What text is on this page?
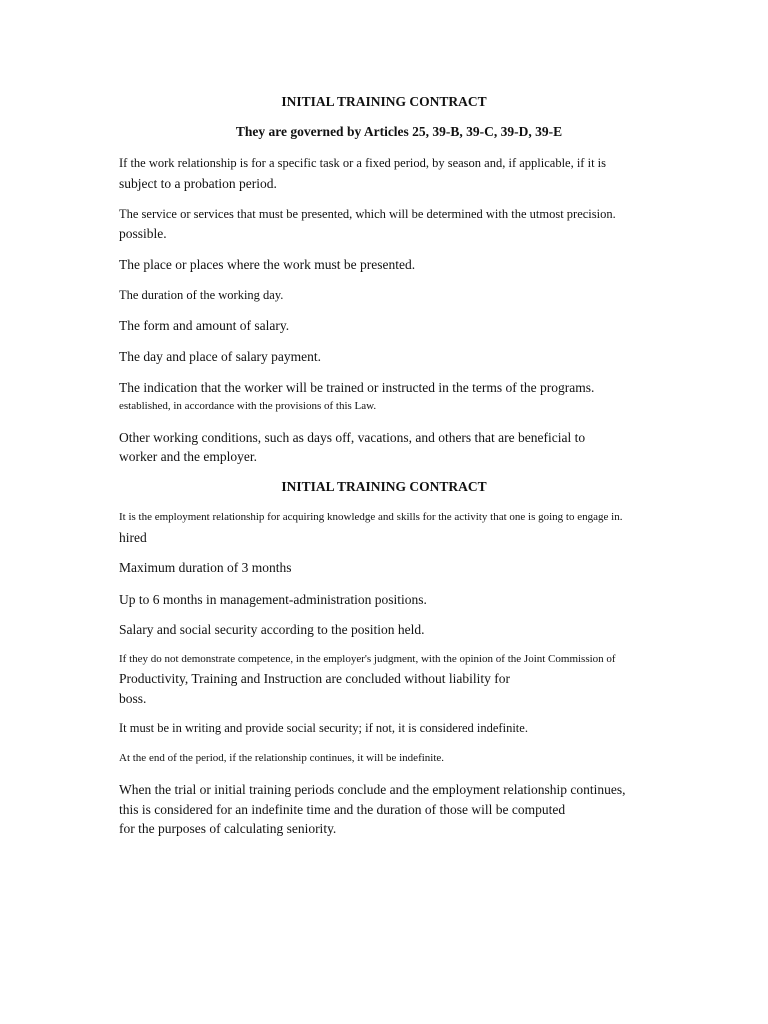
INITIAL TRAINING CONTRACT
They are governed by Articles 25, 39-B, 39-C, 39-D, 39-E
If the work relationship is for a specific task or a fixed period, by season and, if applicable, if it is
subject to a probation period.
The service or services that must be presented, which will be determined with the utmost precision.
possible.
The place or places where the work must be presented.
The duration of the working day.
The form and amount of salary.
The day and place of salary payment.
The indication that the worker will be trained or instructed in the terms of the programs.
established, in accordance with the provisions of this Law.
Other working conditions, such as days off, vacations, and others that are beneficial to
worker and the employer.
INITIAL TRAINING CONTRACT
It is the employment relationship for acquiring knowledge and skills for the activity that one is going to engage in.
hired
Maximum duration of 3 months
Up to 6 months in management-administration positions.
Salary and social security according to the position held.
If they do not demonstrate competence, in the employer's judgment, with the opinion of the Joint Commission of
Productivity, Training and Instruction are concluded without liability for
boss.
It must be in writing and provide social security; if not, it is considered indefinite.
At the end of the period, if the relationship continues, it will be indefinite.
When the trial or initial training periods conclude and the employment relationship continues,
this is considered for an indefinite time and the duration of those will be computed
for the purposes of calculating seniority.
